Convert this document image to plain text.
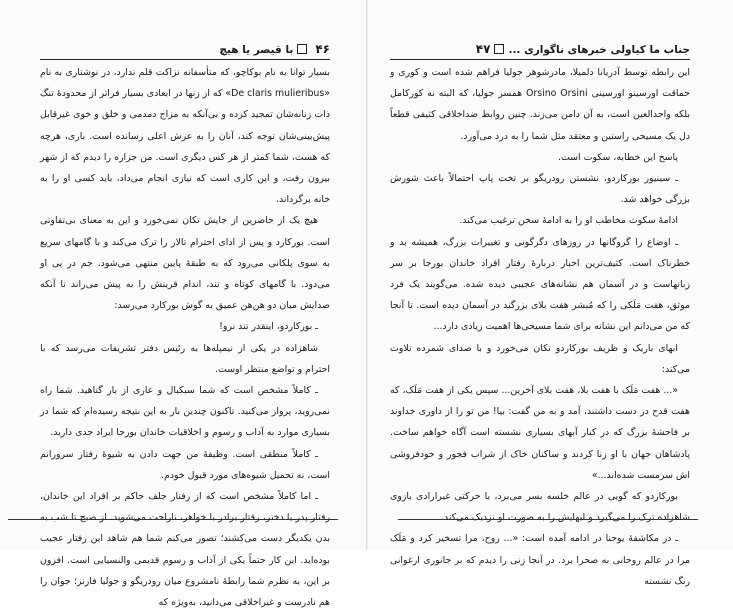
۴۶با قیصر یا هیچ

بسیار توانا به نام بوکاچو، که متأسفانه نزاکت قلم ندارد، در نوشتاری به نام «De claris mulieribus» که از زنها در ابعادی بسیار فراتر از محدودهٔ تنگ ذات زنانه‌شان تمجید کرده و بی‌آنکه به مزاج دمدمی و خلق و خوی غیرقابل پیش‌بینی‌شان توجه کند، آنان را به عرش اعلی رسانده است. باری، هرچه که هست، شما کمتر از هر کس دیگری است. من جزاره را دیدم که از شهر بیرون رفت، و این کاری است که نیازی انجام می‌داد، باید کسی او را به خانه برگرداند.

هیچ یک از حاضرین از جایش تکان نمی‌خورد و این به معنای بی‌تفاوتی است. بورکارد و پس از ادای احترام تالار را ترک می‌کند و با گامهای سریع به سوی پلکانی می‌رود که به طبقهٔ پایین منتهی می‌شود. جم در پی او می‌دود. با گامهای کوتاه و تند، اندام قرینش را به پیش می‌راند تا آنکه صدایش میان دو هن‌هن عمیق به گوش بورکارد می‌رسد:

ـ بورکاردو، اینقدر تند نرو!

شاهزاده در یکی از نیمپله‌ها به رئیس دفتر تشریفات می‌رسد که با احترام و تواضع منتظر اوست.

ـ کاملاً مشخص است که شما سبکبال و عاری از بار گناهید. شما راه نمی‌روید، پرواز می‌کنید. تاکنون چندین بار به این نتیجه رسیده‌ام که شما در بسیاری موارد به آداب و رسوم و اخلاقیات خاندان بورجا ایراد جدی دارید.

ـ کاملاً منطقی است. وظیفهٔ من جهت دادن به شیوهٔ رفتار سرورانم است، نه تحمیل شیوه‌های مورد قبول خودم.

ـ اما کاملاً مشخص است که از رفتار جلف حاکم بر افراد این خاندان، رفتار پدر یا دختر، رفتار برادر با خواهر، ناراحت می‌شوید. از صبح تا شب به بدن یکدیگر دست می‌کشند؛ تصور می‌کنم شما هم شاهد این رفتار عجیب بوده‌اید. این کار حتماً یکی از آداب و رسوم قدیمی والنسیایی است. افزون بر این، به نظرم شما رابطهٔ نامشروع میان رودریگو و جولیا فارنز؛ جوان را هم نادرست و غیراخلاقی می‌دانید، به‌ویژه که

جناب ما کیاولی خبرهای ناگواری ...۴۷

این رابطه توسط آدریانا دلمیلا، مادرشوهر جولیا فراهم شده است و کوری و حماقت اورسینو اورسینی Orsino Orsini همسر جولیا، که البته نه کورکامل بلکه واحدالعین است، به آن دامن می‌زند. چنین روابط ضداخلاقی کثیفی قطعاً دل یک مسیحی راستین و معتقد مثل شما را به درد می‌آورد.

پاسخ این خطابه، سکوت است.

ـ سینیور بورکاردو، نشستن رودریگو بر تخت پاپ احتمالاً باعث شورش بزرگی خواهد شد.

ادامهٔ سکوت مخاطب او را به ادامهٔ سخن ترغیب می‌کند.

ـ اوضاع را گروگانها در روزهای دگرگونی و تغییرات بزرگ، همیشه بد و خطرناک است. کثیف‌ترین اخبار دربارهٔ رفتار افراد خاندان بورجا بر سر زبانهاست و در آسمان هم نشانه‌های عجیبی دیده شده. می‌گویند یک فرد موثق، هفت مَلَکی را که مُبشر هفت بلای بزرگند در آسمان دیده است. تا آنجا که من می‌دانم این نشانه برای شما مسیحی‌ها اهمیت زیادی دارد...

ابهای باریک و ظریف بورکاردو تکان می‌خورد و با صدای شمرده تلاوت می‌کند:

«... هفت مَلَک با هفت بلا، هفت بلای آخرین... سپس یکی از هفت مَلَک، که هفت قدح در دست داشتند، آمد و به من گفت: بیا! من تو را از داوری خداوند بر فاحشهٔ بزرگ که در کنار آبهای بسیاری نشسته است آگاه خواهم ساخت. پادشاهان جهان با او زنا کردند و ساکنان خاک از شراب فجور و خودفروشی اش سرمست شده‌اند...»

بورکاردو که گویی در عالم خلسه بسر می‌برد، با حرکتی غیرارادی بازوی شاهزاده ترک را می‌گیرد و لبهایش را به صورت او نزدیک می‌کند.

ـ در مکاشفهٔ یوحنا در ادامه آمده است: «... روح، مرا تسخیر کرد و مَلَک مرا در عالم روحانی به صحرا برد. در آنجا زنی را دیدم که بر جانوری ارغوانی رنگ نشسته
